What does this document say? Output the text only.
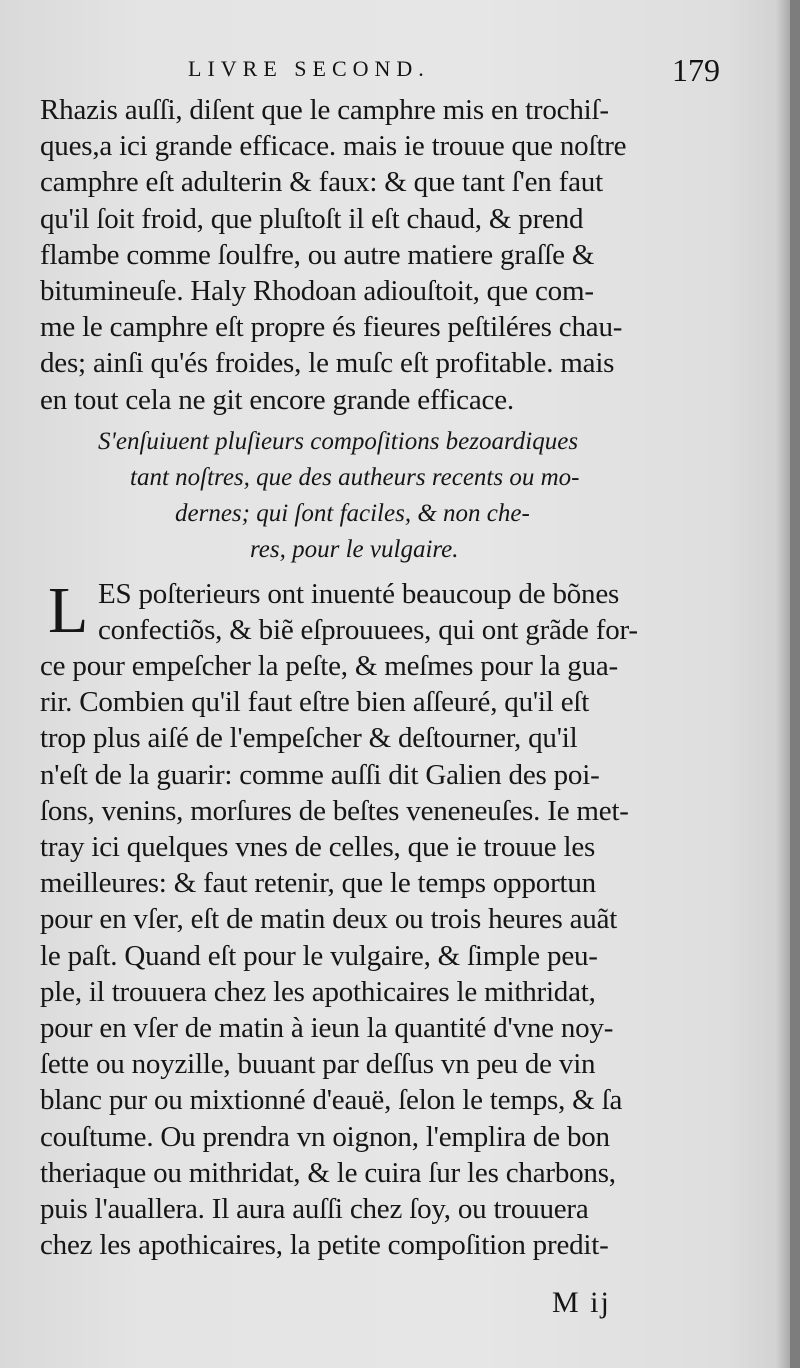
LIVRE SECOND.	179
Rhazis auſſi, diſent que le camphre mis en trochiſ-
ques,a ici grande efficace. mais ie trouue que noſtre
camphre eſt adulterin & faux: & que tant ſ'en faut
qu'il ſoit froid, que pluſtoſt il eſt chaud, & prend
flambe comme ſoulfre, ou autre matiere graſſe &
bitumineuſe. Haly Rhodoan adiouſtoit, que com-
me le camphre eſt propre és fieures peſtiléres chau-
des; ainſi qu'és froides, le muſc eſt profitable. mais
en tout cela ne git encore grande efficace.
S'enſuiuent pluſieurs compoſitions bezoardiques
tant noſtres, que des autheurs recents ou mo-
dernes; qui ſont faciles, & non che-
res, pour le vulgaire.
L ES poſterieurs ont inuenté beaucoup de bõnes
confectiõs, & biẽ eſprouuees, qui ont grãde for-
ce pour empeſcher la peſte, & meſmes pour la gua-
rir. Combien qu'il faut eſtre bien aſſeuré, qu'il eſt
trop plus aiſé de l'empeſcher & deſtourner, qu'il
n'eſt de la guarir: comme auſſi dit Galien des poi-
ſons, venins, morſures de beſtes veneneuſes. Ie met-
tray ici quelques vnes de celles, que ie trouue les
meilleures: & faut retenir, que le temps opportun
pour en vſer, eſt de matin deux ou trois heures auãt
le paſt. Quand eſt pour le vulgaire, & ſimple peu-
ple, il trouuera chez les apothicaires le mithridat,
pour en vſer de matin à ieun la quantité d'vne noy-
ſette ou noyzille, buuant par deſſus vn peu de vin
blanc pur ou mixtionné d'eauë, ſelon le temps, & ſa
couſtume. Ou prendra vn oignon, l'emplira de bon
theriaque ou mithridat, & le cuira ſur les charbons,
puis l'auallera. Il aura auſſi chez ſoy, ou trouuera
chez les apothicaires, la petite compoſition predit-
M ij
